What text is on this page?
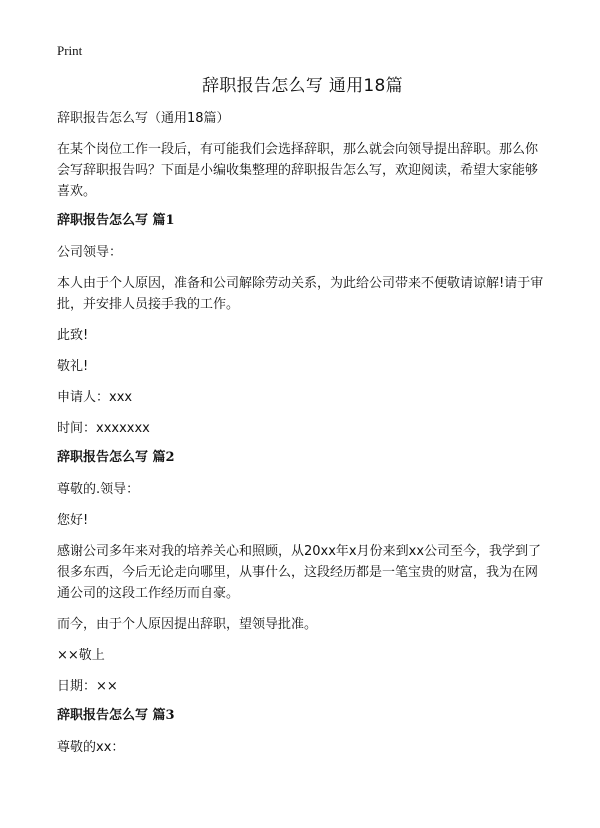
Print
辞职报告怎么写 通用18篇
辞职报告怎么写（通用18篇）
在某个岗位工作一段后，有可能我们会选择辞职，那么就会向领导提出辞职。那么你会写辞职报告吗？下面是小编收集整理的辞职报告怎么写，欢迎阅读，希望大家能够喜欢。
辞职报告怎么写 篇1
公司领导：
本人由于个人原因，准备和公司解除劳动关系，为此给公司带来不便敬请谅解!请于审批，并安排人员接手我的工作。
此致!
敬礼!
申请人：xxx
时间：xxxxxxx
辞职报告怎么写 篇2
尊敬的.领导：
您好!
感谢公司多年来对我的培养关心和照顾，从20xx年x月份来到xx公司至今，我学到了很多东西，今后无论走向哪里，从事什么，这段经历都是一笔宝贵的财富，我为在网通公司的这段工作经历而自豪。
而今，由于个人原因提出辞职，望领导批准。
××敬上
日期：××
辞职报告怎么写 篇3
尊敬的xx：
